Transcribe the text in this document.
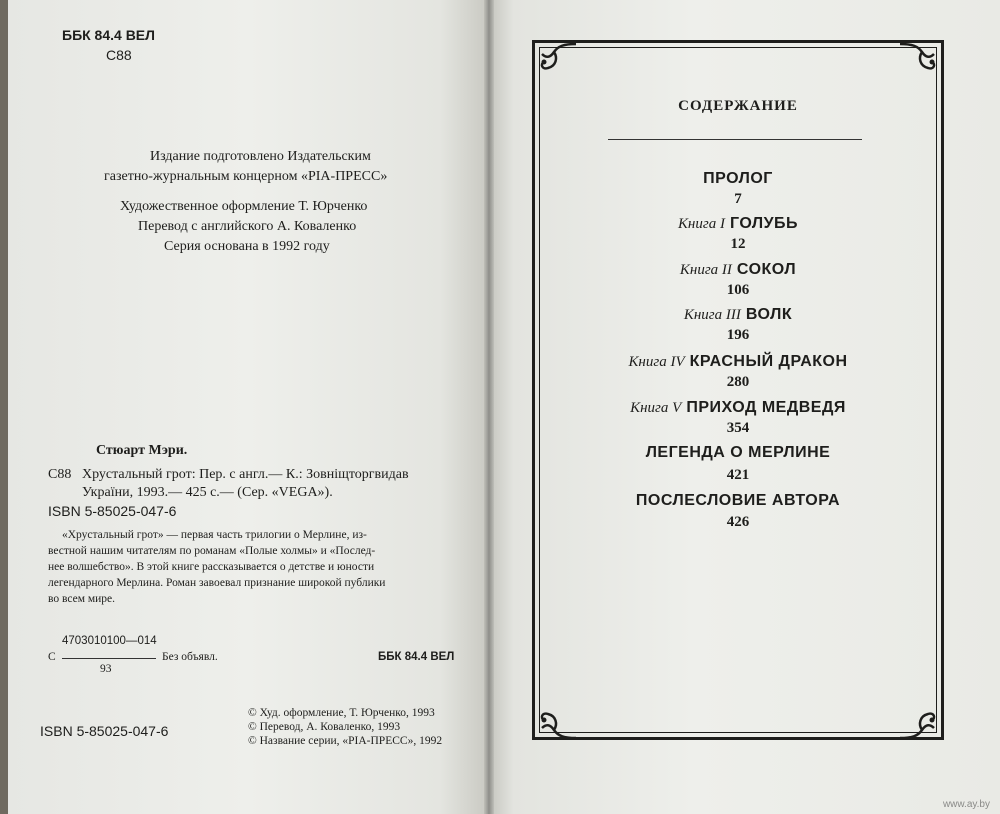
ББК 84.4 ВЕЛ
С88
Издание подготовлено Издательским
газетно-журнальным концерном «РІА-ПРЕСС»
Художественное оформление Т. Юрченко
Перевод с английского А. Коваленко
Серия основана в 1992 году
Стюарт Мэри.
С88 Хрустальный грот: Пер. с англ.— К.: Зовніщторгвидав
України, 1993.— 425 с.— (Сер. «VEGA»).
ISBN 5-85025-047-6
«Хрустальный грот» — первая часть трилогии о Мерлине, из-
вестной нашим читателям по романам «Полые холмы» и «Послед-
нее волшебство». В этой книге рассказывается о детстве и юности
легендарного Мерлина. Роман завоевал признание широкой публики
во всем мире.
4703010100—014
С	Без объявл.
93
ББК 84.4 ВЕЛ
ISBN 5-85025-047-6
© Худ. оформление, Т. Юрченко, 1993
© Перевод, А. Коваленко, 1993
© Название серии, «РІА-ПРЕСС», 1992
СОДЕРЖАНИЕ
ПРОЛОГ
7
Книга I ГОЛУБЬ
12
Книга II СОКОЛ
106
Книга III ВОЛК
196
Книга IV КРАСНЫЙ ДРАКОН
280
Книга V ПРИХОД МЕДВЕДЯ
354
ЛЕГЕНДА О МЕРЛИНЕ
421
ПОСЛЕСЛОВИЕ АВТОРА
426
www.ay.by
